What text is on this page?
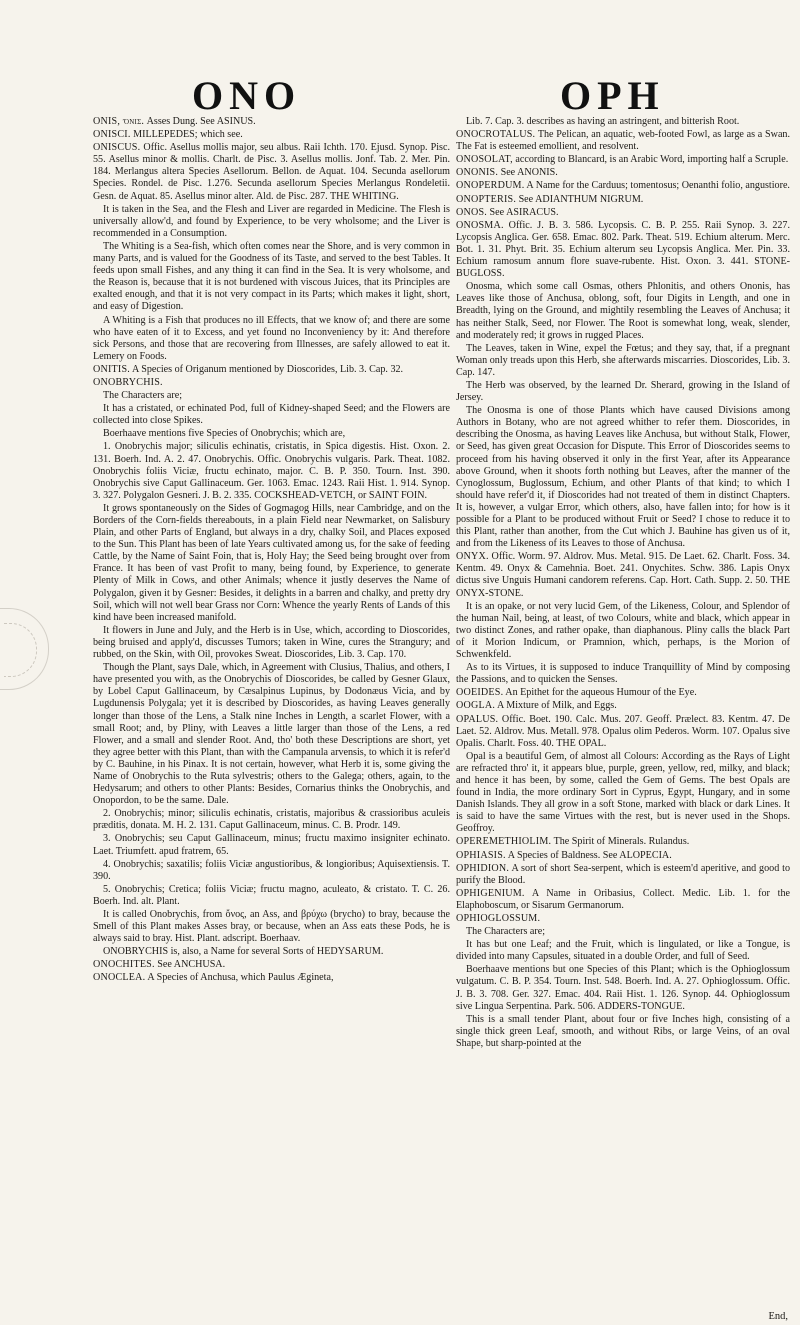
ONO	OPH

ONIS, ὄνις. Asses Dung. See ASINUS.

ONISCI. MILLEPEDES; which see.

ONISCUS. Offic. Asellus mollis major, seu albus. Raii Ichth. 170. Ejusd. Synop. Pisc. 55. Asellus minor & mollis. Charlt. de Pisc. 3. Asellus mollis. Jonf. Tab. 2. Mer. Pin. 184. Merlangus altera Species Asellorum. Bellon. de Aquat. 104. Secunda asellorum Species. Rondel. de Pisc. 1.276. Secunda asellorum Species Merlangus Rondeletii. Gesn. de Aquat. 85. Asellus minor alter. Ald. de Pisc. 287. THE WHITING.

It is taken in the Sea, and the Flesh and Liver are regarded in Medicine. The Flesh is universally allow'd, and found by Experience, to be very wholsome; and the Liver is recommended in a Consumption.

The Whiting is a Sea-fish, which often comes near the Shore, and is very common in many Parts, and is valued for the Goodness of its Taste, and served to the best Tables. It feeds upon small Fishes, and any thing it can find in the Sea. It is very wholsome, and the Reason is, because that it is not burdened with viscous Juices, that its Principles are exalted enough, and that it is not very compact in its Parts; which makes it light, short, and easy of Digestion.

A Whiting is a Fish that produces no ill Effects, that we know of; and there are some who have eaten of it to Excess, and yet found no Inconveniency by it: And therefore sick Persons, and those that are recovering from Illnesses, are safely allowed to eat it. Lemery on Foods.

ONITIS. A Species of Origanum mentioned by Dioscorides, Lib. 3. Cap. 32.

ONOBRYCHIS.

The Characters are;

It has a cristated, or echinated Pod, full of Kidney-shaped Seed; and the Flowers are collected into close Spikes.

Boerhaave mentions five Species of Onobrychis; which are,

1. Onobrychis major; siliculis echinatis, cristatis, in Spica digestis. Hist. Oxon. 2. 131. Boerh. Ind. A. 2. 47. Onobrychis. Offic. Onobrychis vulgaris. Park. Theat. 1082. Onobrychis foliis Viciæ, fructu echinato, major. C. B. P. 350. Tourn. Inst. 390. Onobrychis sive Caput Gallinaceum. Ger. 1063. Emac. 1243. Raii Hist. 1. 914. Synop. 3. 327. Polygalon Gesneri. J. B. 2. 335. COCKSHEAD-VETCH, or SAINT FOIN.

It grows spontaneously on the Sides of Gogmagog Hills, near Cambridge, and on the Borders of the Corn-fields thereabouts, in a plain Field near Newmarket, on Salisbury Plain, and other Parts of England, but always in a dry, chalky Soil, and Places exposed to the Sun. This Plant has been of late Years cultivated among us, for the sake of feeding Cattle, by the Name of Saint Foin, that is, Holy Hay; the Seed being brought over from France. It has been of vast Profit to many, being found, by Experience, to generate Plenty of Milk in Cows, and other Animals; whence it justly deserves the Name of Polygalon, given it by Gesner: Besides, it delights in a barren and chalky, and pretty dry Soil, which will not well bear Grass nor Corn: Whence the yearly Rents of Lands of this kind have been increased manifold.

It flowers in June and July, and the Herb is in Use, which, according to Dioscorides, being bruised and apply'd, discusses Tumors; taken in Wine, cures the Strangury; and rubbed, on the Skin, with Oil, provokes Sweat. Dioscorides, Lib. 3. Cap. 170.

Though the Plant, says Dale, which, in Agreement with Clusius, Thalius, and others, I have presented you with, as the Onobrychis of Dioscorides, be called by Gesner Glaux, by Lobel Caput Gallinaceum, by Cæsalpinus Lupinus, by Dodonæus Vicia, and by Lugdunensis Polygala; yet it is described by Dioscorides, as having Leaves generally longer than those of the Lens, a Stalk nine Inches in Length, a scarlet Flower, with a small Root; and, by Pliny, with Leaves a little larger than those of the Lens, a red Flower, and a small and slender Root. And, tho' both these Descriptions are short, yet they agree better with this Plant, than with the Campanula arvensis, to which it is refer'd by C. Bauhine, in his Pinax. It is not certain, however, what Herb it is, some giving the Name of Onobrychis to the Ruta sylvestris; others to the Galega; others, again, to the Hedysarum; and others to other Plants: Besides, Cornarius thinks the Onobrychis, and Onopordon, to be the same. Dale.

2. Onobrychis; minor; siliculis echinatis, cristatis, majoribus & crassioribus aculeis præditis, donata. M. H. 2. 131. Caput Gallinaceum, minus. C. B. Prodr. 149.

3. Onobrychis; seu Caput Gallinaceum, minus; fructu maximo insigniter echinato. Laet. Triumfett. apud fratrem, 65.

4. Onobrychis; saxatilis; foliis Viciæ angustioribus, & longioribus; Aquisextiensis. T. 390.

5. Onobrychis; Cretica; foliis Viciæ; fructu magno, aculeato, & cristato. T. C. 26. Boerh. Ind. alt. Plant.

It is called Onobrychis, from ὄνος, an Ass, and βρύχω (brycho) to bray, because the Smell of this Plant makes Asses bray, or because, when an Ass eats these Pods, he is always said to bray. Hist. Plant. adscript. Boerhaav.

ONOBRYCHIS is, also, a Name for several Sorts of HEDYSARUM.

ONOCHITES. See ANCHUSA.

ONOCLEA. A Species of Anchusa, which Paulus Ægineta,

Lib. 7. Cap. 3. describes as having an astringent, and bitterish Root.

ONOCROTALUS. The Pelican, an aquatic, web-footed Fowl, as large as a Swan. The Fat is esteemed emollient, and resolvent.

ONOSOLAT, according to Blancard, is an Arabic Word, importing half a Scruple.

ONONIS. See ANONIS.

ONOPERDUM. A Name for the Carduus; tomentosus; Oenanthi folio, angustiore.

ONOPTERIS. See ADIANTHUM NIGRUM.

ONOS. See ASIRACUS.

ONOSMA. Offic. J. B. 3. 586. Lycopsis. C. B. P. 255. Raii Synop. 3. 227. Lycopsis Anglica. Ger. 658. Emac. 802. Park. Theat. 519. Echium alterum. Merc. Bot. 1. 31. Phyt. Brit. 35. Echium alterum seu Lycopsis Anglica. Mer. Pin. 33. Echium ramosum annum flore suave-rubente. Hist. Oxon. 3. 441. STONE-BUGLOSS.

Onosma, which some call Osmas, others Phlonitis, and others Ononis, has Leaves like those of Anchusa, oblong, soft, four Digits in Length, and one in Breadth, lying on the Ground, and mightily resembling the Leaves of Anchusa; it has neither Stalk, Seed, nor Flower. The Root is somewhat long, weak, slender, and moderately red; it grows in rugged Places.

The Leaves, taken in Wine, expel the Fœtus; and they say, that, if a pregnant Woman only treads upon this Herb, she afterwards miscarries. Dioscorides, Lib. 3. Cap. 147.

The Herb was observed, by the learned Dr. Sherard, growing in the Island of Jersey.

The Onosma is one of those Plants which have caused Divisions among Authors in Botany, who are not agreed whither to refer them. Dioscorides, in describing the Onosma, as having Leaves like Anchusa, but without Stalk, Flower, or Seed, has given great Occasion for Dispute. This Error of Dioscorides seems to proceed from his having observed it only in the first Year, after its Appearance above Ground, when it shoots forth nothing but Leaves, after the manner of the Cynoglossum, Buglossum, Echium, and other Plants of that kind; to which I should have refer'd it, if Dioscorides had not treated of them in distinct Chapters. It is, however, a vulgar Error, which others, also, have fallen into; for how is it possible for a Plant to be produced without Fruit or Seed? I chose to reduce it to this Plant, rather than another, from the Cut which J. Bauhine has given us of it, and from the Likeness of its Leaves to those of Anchusa.

ONYX. Offic. Worm. 97. Aldrov. Mus. Metal. 915. De Laet. 62. Charlt. Foss. 34. Kentm. 49. Onyx & Camehnia. Boet. 241. Onychites. Schw. 386. Lapis Onyx dictus sive Unguis Humani candorem referens. Cap. Hort. Cath. Supp. 2. 50. THE ONYX-STONE.

It is an opake, or not very lucid Gem, of the Likeness, Colour, and Splendor of the human Nail, being, at least, of two Colours, white and black, which appear in two distinct Zones, and rather opake, than diaphanous. Pliny calls the black Part of it Morion Indicum, or Pramnion, which, perhaps, is the Morion of Schwenkfeld.

As to its Virtues, it is supposed to induce Tranquillity of Mind by composing the Passions, and to quicken the Senses.

OOEIDES. An Epithet for the aqueous Humour of the Eye.

OOGLA. A Mixture of Milk, and Eggs.

OPALUS. Offic. Boet. 190. Calc. Mus. 207. Geoff. Prælect. 83. Kentm. 47. De Laet. 52. Aldrov. Mus. Metall. 978. Opalus olim Pederos. Worm. 107. Opalus sive Opalis. Charlt. Foss. 40. THE OPAL.

Opal is a beautiful Gem, of almost all Colours: According as the Rays of Light are refracted thro' it, it appears blue, purple, green, yellow, red, milky, and black; and hence it has been, by some, called the Gem of Gems. The best Opals are found in India, the more ordinary Sort in Cyprus, Egypt, Hungary, and in some Danish Islands. They all grow in a soft Stone, marked with black or dark Lines. It is said to have the same Virtues with the rest, but is never used in the Shops. Geoffroy.

OPEREMETHIOLIM. The Spirit of Minerals. Rulandus.

OPHIASIS. A Species of Baldness. See ALOPECIA.

OPHIDION. A sort of short Sea-serpent, which is esteem'd aperitive, and good to purify the Blood.

OPHIGENIUM. A Name in Oribasius, Collect. Medic. Lib. 1. for the Elaphoboscum, or Sisarum Germanorum.

OPHIOGLOSSUM.

The Characters are;

It has but one Leaf; and the Fruit, which is lingulated, or like a Tongue, is divided into many Capsules, situated in a double Order, and full of Seed.

Boerhaave mentions but one Species of this Plant; which is the Ophioglossum vulgatum. C. B. P. 354. Tourn. Inst. 548. Boerh. Ind. A. 27. Ophioglossum. Offic. J. B. 3. 708. Ger. 327. Emac. 404. Raii Hist. 1. 126. Synop. 44. Ophioglossum sive Lingua Serpentina. Park. 506. ADDERS-TONGUE.

This is a small tender Plant, about four or five Inches high, consisting of a single thick green Leaf, smooth, and without Ribs, or large Veins, of an oval Shape, but sharp-pointed at the

End,
